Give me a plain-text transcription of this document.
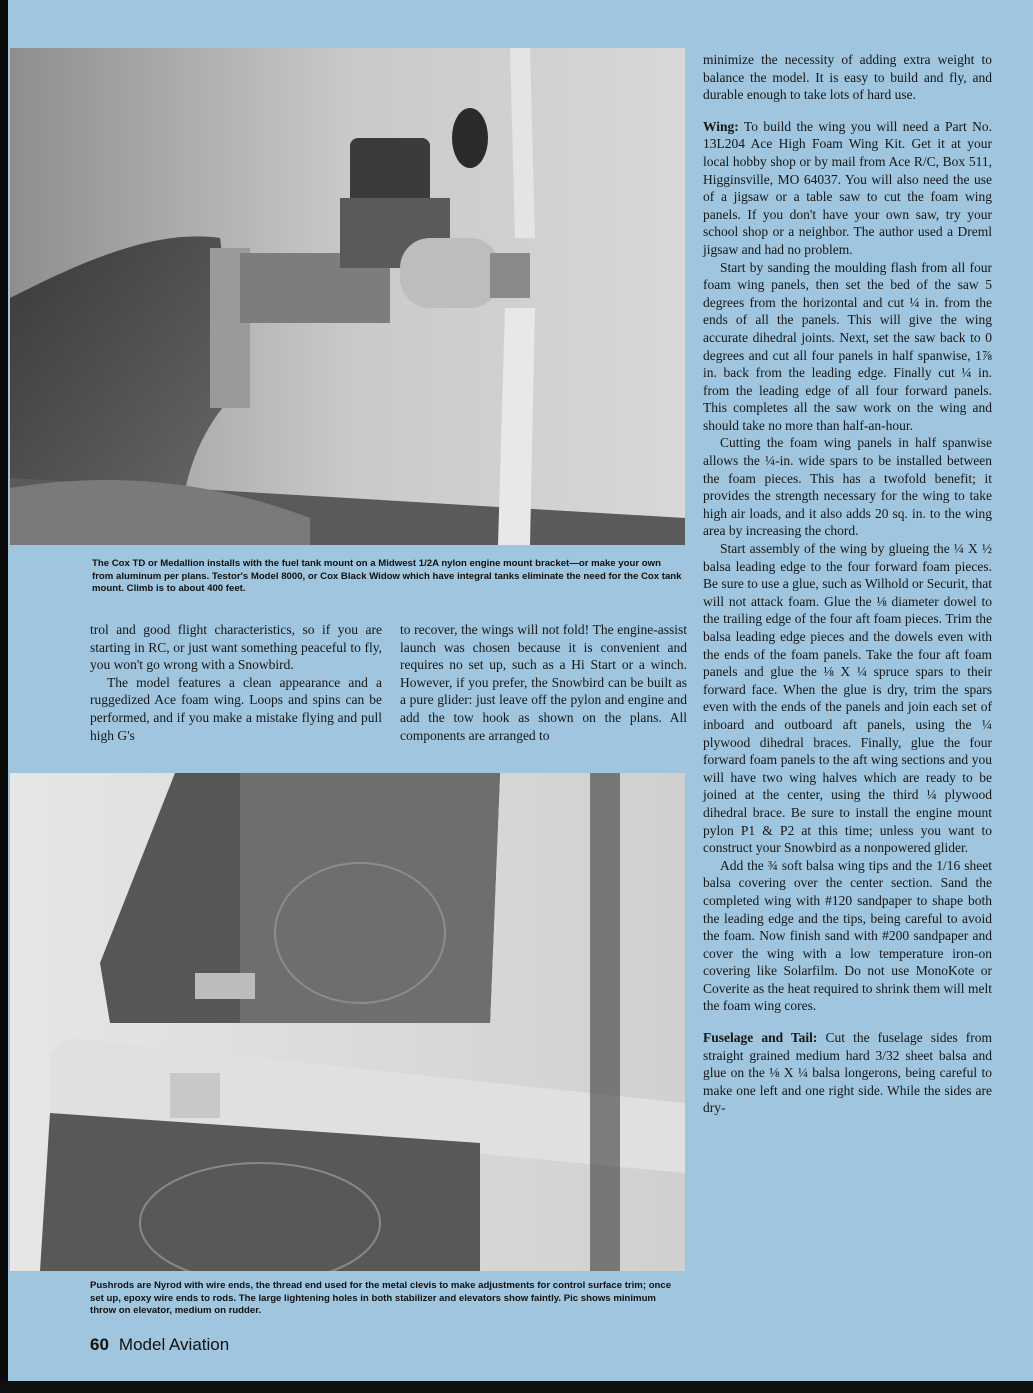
The Cox TD or Medallion installs with the fuel tank mount on a Midwest 1/2A nylon engine mount bracket—or make your own from aluminum per plans. Testor's Model 8000, or Cox Black Widow which have integral tanks eliminate the need for the Cox tank mount. Climb is to about 400 feet.

trol and good flight characteristics, so if you are starting in RC, or just want something peaceful to fly, you won't go wrong with a Snowbird.

The model features a clean appearance and a ruggedized Ace foam wing. Loops and spins can be performed, and if you make a mistake flying and pull high G's

to recover, the wings will not fold! The engine-assist launch was chosen because it is convenient and requires no set up, such as a Hi Start or a winch. However, if you prefer, the Snowbird can be built as a pure glider: just leave off the pylon and engine and add the tow hook as shown on the plans. All components are arranged to

Pushrods are Nyrod with wire ends, the thread end used for the metal clevis to make adjustments for control surface trim; once set up, epoxy wire ends to rods. The large lightening holes in both stabilizer and elevators show faintly. Pic shows minimum throw on elevator, medium on rudder.

minimize the necessity of adding extra weight to balance the model. It is easy to build and fly, and durable enough to take lots of hard use.

Wing: To build the wing you will need a Part No. 13L204 Ace High Foam Wing Kit. Get it at your local hobby shop or by mail from Ace R/C, Box 511, Higginsville, MO 64037. You will also need the use of a jigsaw or a table saw to cut the foam wing panels. If you don't have your own saw, try your school shop or a neighbor. The author used a Dreml jigsaw and had no problem.

Start by sanding the moulding flash from all four foam wing panels, then set the bed of the saw 5 degrees from the horizontal and cut ¼ in. from the ends of all the panels. This will give the wing accurate dihedral joints. Next, set the saw back to 0 degrees and cut all four panels in half spanwise, 1⅞ in. back from the leading edge. Finally cut ¼ in. from the leading edge of all four forward panels. This completes all the saw work on the wing and should take no more than half-an-hour.

Cutting the foam wing panels in half spanwise allows the ¼-in. wide spars to be installed between the foam pieces. This has a twofold benefit; it provides the strength necessary for the wing to take high air loads, and it also adds 20 sq. in. to the wing area by increasing the chord.

Start assembly of the wing by glueing the ¼ X ½ balsa leading edge to the four forward foam pieces. Be sure to use a glue, such as Wilhold or Securit, that will not attack foam. Glue the ⅛ diameter dowel to the trailing edge of the four aft foam pieces. Trim the balsa leading edge pieces and the dowels even with the ends of the foam panels. Take the four aft foam panels and glue the ⅛ X ¼ spruce spars to their forward face. When the glue is dry, trim the spars even with the ends of the panels and join each set of inboard and outboard aft panels, using the ¼ plywood dihedral braces. Finally, glue the four forward foam panels to the aft wing sections and you will have two wing halves which are ready to be joined at the center, using the third ¼ plywood dihedral brace. Be sure to install the engine mount pylon P1 & P2 at this time; unless you want to construct your Snowbird as a nonpowered glider.

Add the ¾ soft balsa wing tips and the 1/16 sheet balsa covering over the center section. Sand the completed wing with #120 sandpaper to shape both the leading edge and the tips, being careful to avoid the foam. Now finish sand with #200 sandpaper and cover the wing with a low temperature iron-on covering like Solarfilm. Do not use MonoKote or Coverite as the heat required to shrink them will melt the foam wing cores.

Fuselage and Tail: Cut the fuselage sides from straight grained medium hard 3/32 sheet balsa and glue on the ⅛ X ¼ balsa longerons, being careful to make one left and one right side. While the sides are dry-

60 Model Aviation
